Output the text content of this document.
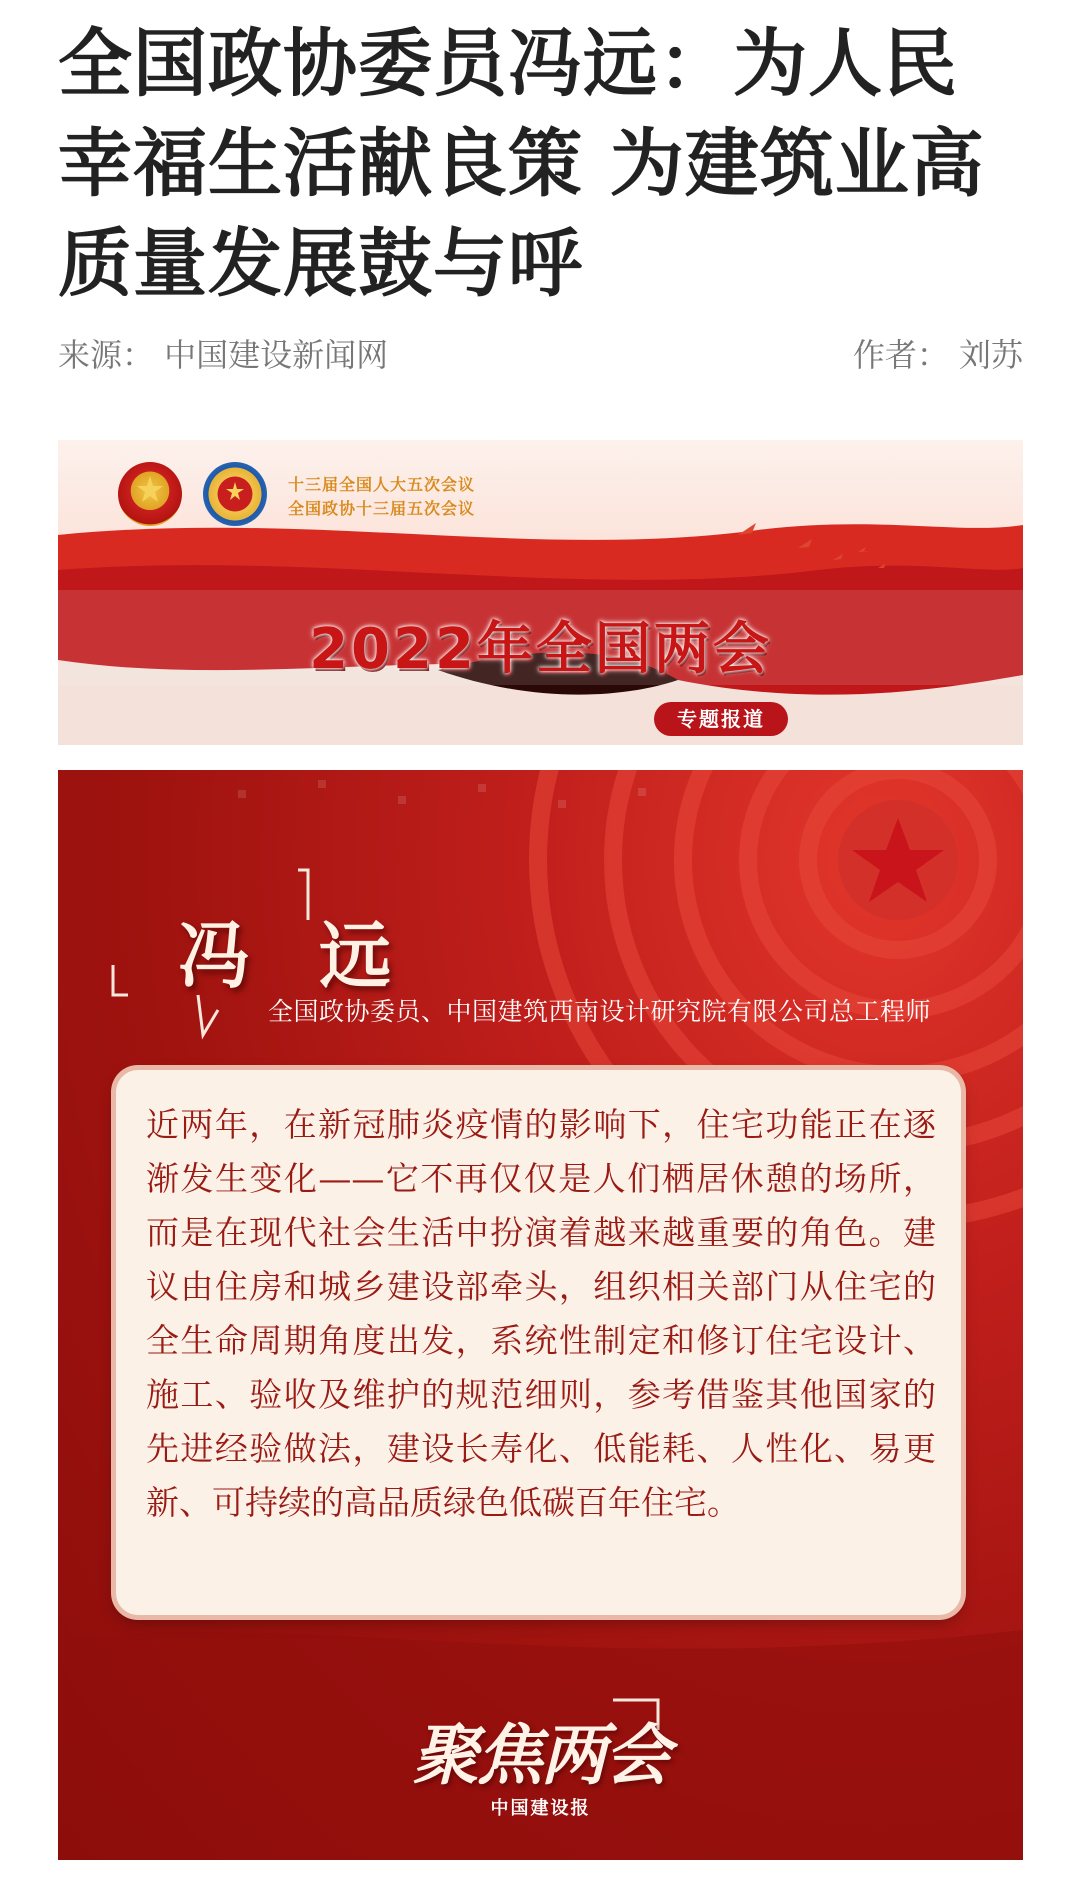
全国政协委员冯远：为人民幸福生活献良策 为建筑业高质量发展鼓与呼
来源： 中国建设新闻网	作者： 刘苏
十三届全国人大五次会议
全国政协十三届五次会议
2022年全国两会
专题报道
冯 远
全国政协委员、中国建筑西南设计研究院有限公司总工程师

近两年，在新冠肺炎疫情的影响下，住宅功能正在逐渐发生变化——它不再仅仅是人们栖居休憩的场所，而是在现代社会生活中扮演着越来越重要的角色。建议由住房和城乡建设部牵头，组织相关部门从住宅的全生命周期角度出发，系统性制定和修订住宅设计、施工、验收及维护的规范细则，参考借鉴其他国家的先进经验做法，建设长寿化、低能耗、人性化、易更新、可持续的高品质绿色低碳百年住宅。

聚焦两会
中国建设报
